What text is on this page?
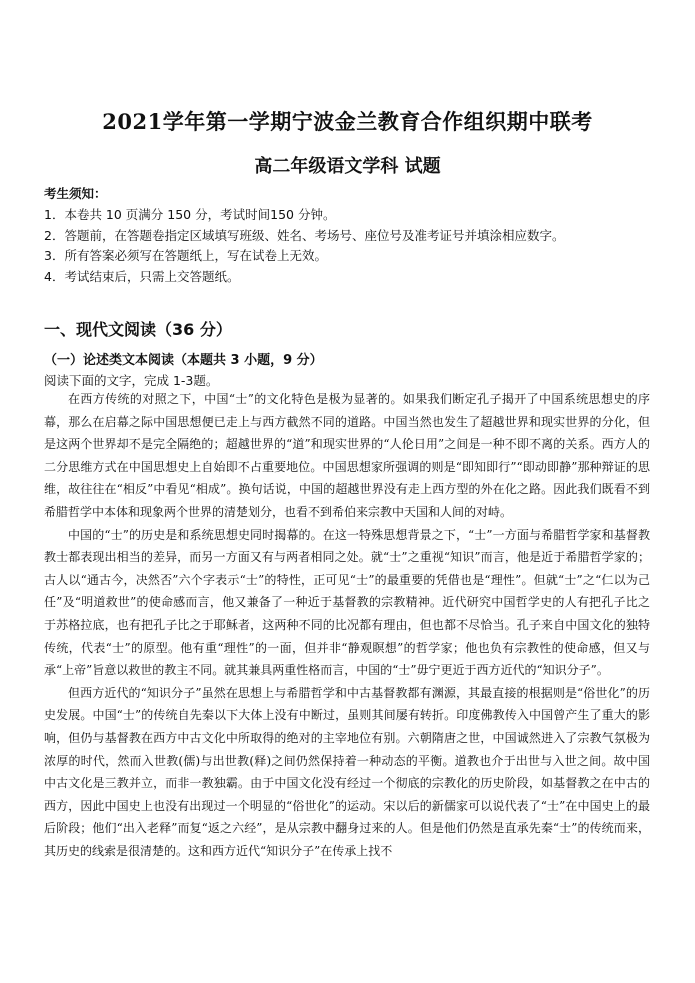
2021学年第一学期宁波金兰教育合作组织期中联考
高二年级语文学科 试题
考生须知：
1．本卷共 10 页满分 150 分，考试时间150 分钟。
2．答题前，在答题卷指定区域填写班级、姓名、考场号、座位号及准考证号并填涂相应数字。
3．所有答案必须写在答题纸上，写在试卷上无效。
4．考试结束后，只需上交答题纸。
一、现代文阅读（36 分）
（一）论述类文本阅读（本题共 3 小题，9 分）
阅读下面的文字，完成 1-3题。

在西方传统的对照之下，中国“士”的文化特色是极为显著的。如果我们断定孔子揭开了中国系统思想史的序幕，那么在启幕之际中国思想便已走上与西方截然不同的道路。中国当然也发生了超越世界和现实世界的分化，但是这两个世界却不是完全隔绝的；超越世界的“道”和现实世界的“人伦日用”之间是一种不即不离的关系。西方人的二分思维方式在中国思想史上自始即不占重要地位。中国思想家所强调的则是“即知即行”“即动即静”那种辩证的思维，故往往在“相反”中看见“相成”。换句话说，中国的超越世界没有走上西方型的外在化之路。因此我们既看不到希腊哲学中本体和现象两个世界的清楚划分，也看不到希伯来宗教中天国和人间的对峙。

中国的“士”的历史是和系统思想史同时揭幕的。在这一特殊思想背景之下，“士”一方面与希腊哲学家和基督教教士都表现出相当的差异，而另一方面又有与两者相同之处。就“士”之重视“知识”而言，他是近于希腊哲学家的；古人以“通古今，决然否”六个字表示“士”的特性，正可见“士”的最重要的凭借也是“理性”。但就“士”之“仁以为己任”及“明道救世”的使命感而言，他又兼备了一种近于基督教的宗教精神。近代研究中国哲学史的人有把孔子比之于苏格拉底，也有把孔子比之于耶稣者，这两种不同的比况都有理由，但也都不尽恰当。孔子来自中国文化的独特传统，代表“士”的原型。他有重“理性”的一面，但并非“静观瞑想”的哲学家；他也负有宗教性的使命感，但又与承“上帝”旨意以救世的教主不同。就其兼具两重性格而言，中国的“士”毋宁更近于西方近代的“知识分子”。

但西方近代的“知识分子”虽然在思想上与希腊哲学和中古基督教都有渊源，其最直接的根据则是“俗世化”的历史发展。中国“士”的传统自先秦以下大体上没有中断过，虽则其间屡有转折。印度佛教传入中国曾产生了重大的影响，但仍与基督教在西方中古文化中所取得的绝对的主宰地位有别。六朝隋唐之世，中国诚然进入了宗教气氛极为浓厚的时代，然而入世教(儒)与出世教(释)之间仍然保持着一种动态的平衡。道教也介于出世与入世之间。故中国中古文化是三教并立，而非一教独霸。由于中国文化没有经过一个彻底的宗教化的历史阶段，如基督教之在中古的西方，因此中国史上也没有出现过一个明显的“俗世化”的运动。宋以后的新儒家可以说代表了“士”在中国史上的最后阶段；他们“出入老释”而复“返之六经”，是从宗教中翻身过来的人。但是他们仍然是直承先秦“士”的传统而来，其历史的线索是很清楚的。这和西方近代“知识分子”在传承上找不
